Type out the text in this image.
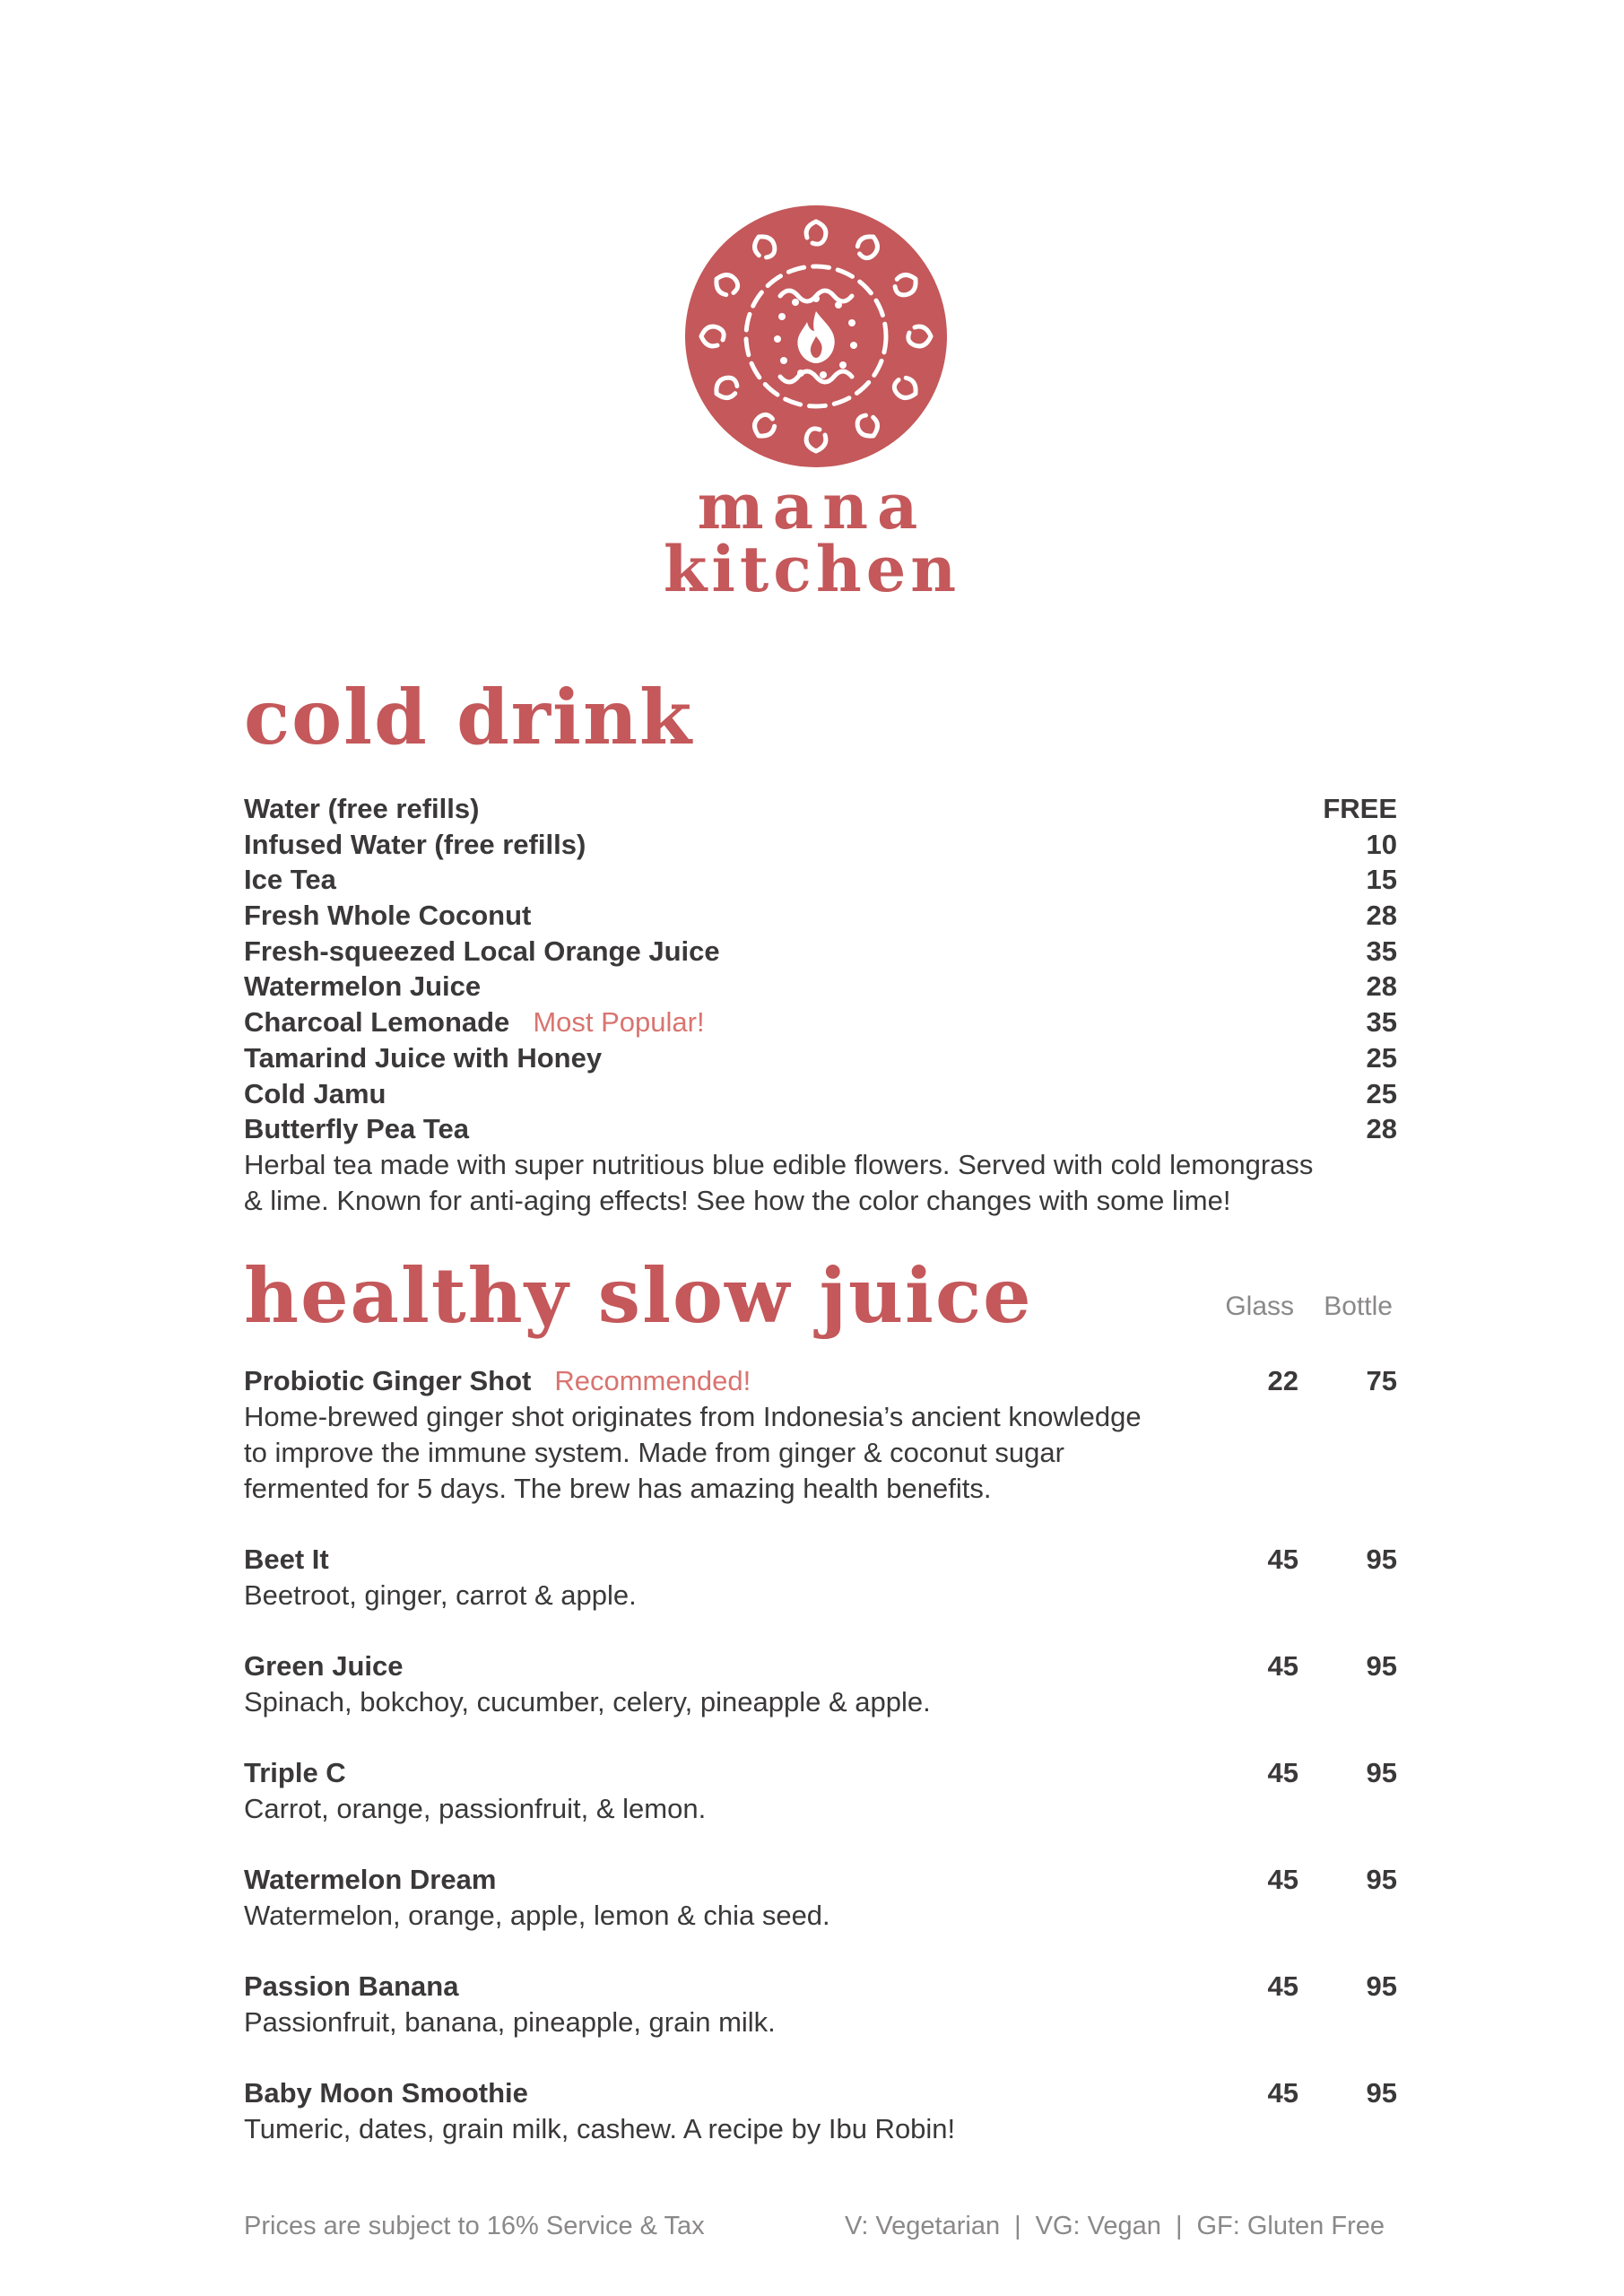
mana
kitchen
cold drink
Water (free refills)	FREE
Infused Water (free refills)	10
Ice Tea	15
Fresh Whole Coconut	28
Fresh-squeezed Local Orange Juice	35
Watermelon Juice	28
Charcoal Lemonade Most Popular!	35
Tamarind Juice with Honey	25
Cold Jamu	25
Butterfly Pea Tea	28
Herbal tea made with super nutritious blue edible flowers. Served with cold lemongrass & lime. Known for anti-aging effects! See how the color changes with some lime!
healthy slow juice	Glass	Bottle
Probiotic Ginger Shot Recommended!	22	75
Home-brewed ginger shot originates from Indonesia’s ancient knowledge to improve the immune system. Made from ginger & coconut sugar fermented for 5 days. The brew has amazing health benefits.
Beet It	45	95
Beetroot, ginger, carrot & apple.
Green Juice	45	95
Spinach, bokchoy, cucumber, celery, pineapple & apple.
Triple C	45	95
Carrot, orange, passionfruit, & lemon.
Watermelon Dream	45	95
Watermelon, orange, apple, lemon & chia seed.
Passion Banana	45	95
Passionfruit, banana, pineapple, grain milk.
Baby Moon Smoothie	45	95
Tumeric, dates, grain milk, cashew. A recipe by Ibu Robin!
Prices are subject to 16% Service & Tax	V: Vegetarian | VG: Vegan | GF: Gluten Free
